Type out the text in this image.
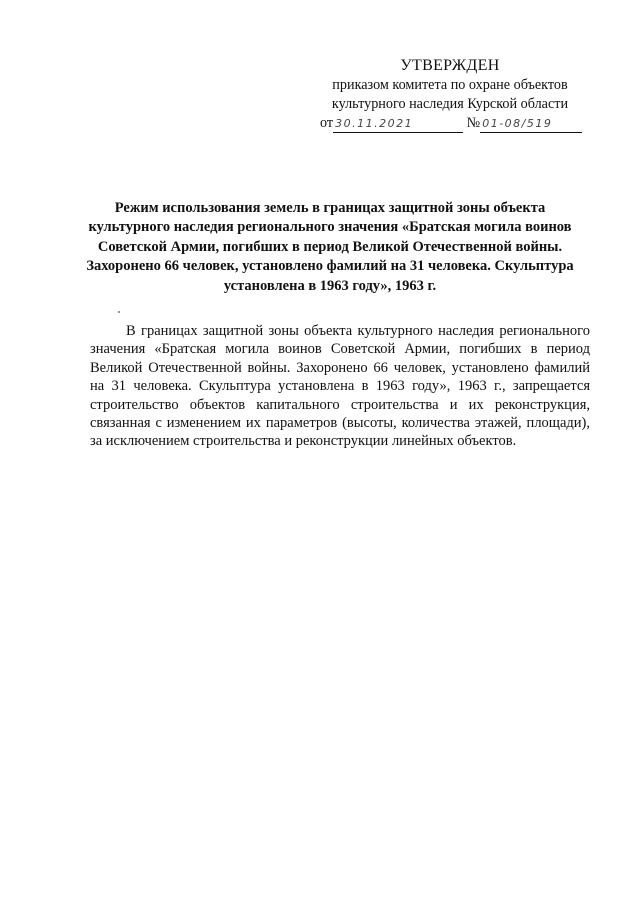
УТВЕРЖДЕН
приказом комитета по охране объектов
культурного наследия Курской области
от 30.11.2021	№ 01-08/519
Режим использования земель в границах защитной зоны объекта культурного наследия регионального значения «Братская могила воинов Советской Армии, погибших в период Великой Отечественной войны. Захоронено 66 человек, установлено фамилий на 31 человека. Скульптура установлена в 1963 году», 1963 г.
В границах защитной зоны объекта культурного наследия регионального значения «Братская могила воинов Советской Армии, погибших в период Великой Отечественной войны. Захоронено 66 человек, установлено фамилий на 31 человека. Скульптура установлена в 1963 году», 1963 г., запрещается строительство объектов капитального строительства и их реконструкция, связанная с изменением их параметров (высоты, количества этажей, площади), за исключением строительства и реконструкции линейных объектов.
